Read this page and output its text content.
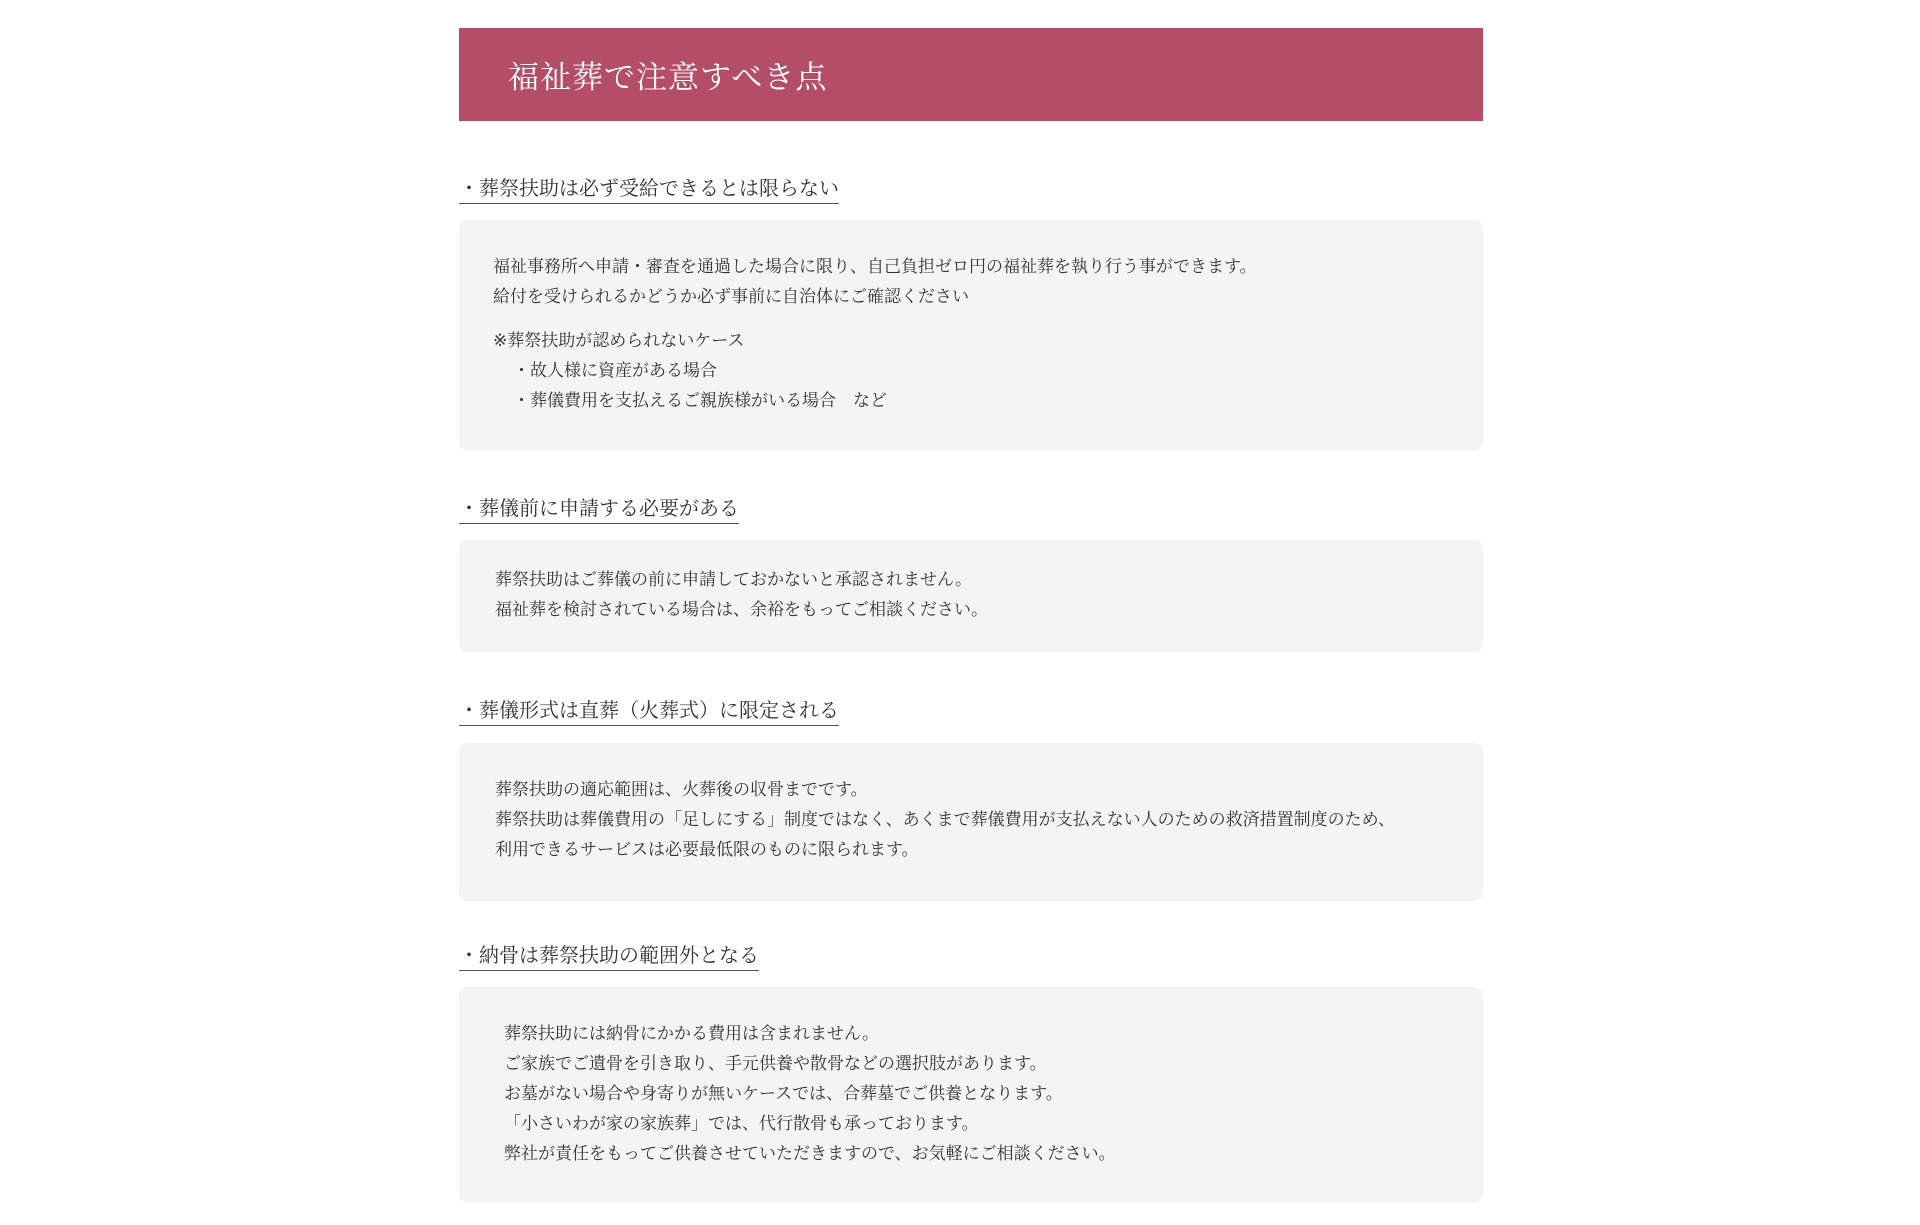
福祉葬で注意すべき点
・葬祭扶助は必ず受給できるとは限らない

福祉事務所へ申請・審査を通過した場合に限り、自己負担ゼロ円の福祉葬を執り行う事ができます。

給付を受けられるかどうか必ず事前に自治体にご確認ください

※葬祭扶助が認められないケース

・故人様に資産がある場合

・葬儀費用を支払えるご親族様がいる場合　など

・葬儀前に申請する必要がある

葬祭扶助はご葬儀の前に申請しておかないと承認されません。

福祉葬を検討されている場合は、余裕をもってご相談ください。

・葬儀形式は直葬（火葬式）に限定される

葬祭扶助の適応範囲は、火葬後の収骨までです。

葬祭扶助は葬儀費用の「足しにする」制度ではなく、あくまで葬儀費用が支払えない人のための救済措置制度のため、

利用できるサービスは必要最低限のものに限られます。

・納骨は葬祭扶助の範囲外となる

葬祭扶助には納骨にかかる費用は含まれません。

ご家族でご遺骨を引き取り、手元供養や散骨などの選択肢があります。

お墓がない場合や身寄りが無いケースでは、合葬墓でご供養となります。

「小さいわが家の家族葬」では、代行散骨も承っております。

弊社が責任をもってご供養させていただきますので、お気軽にご相談ください。
